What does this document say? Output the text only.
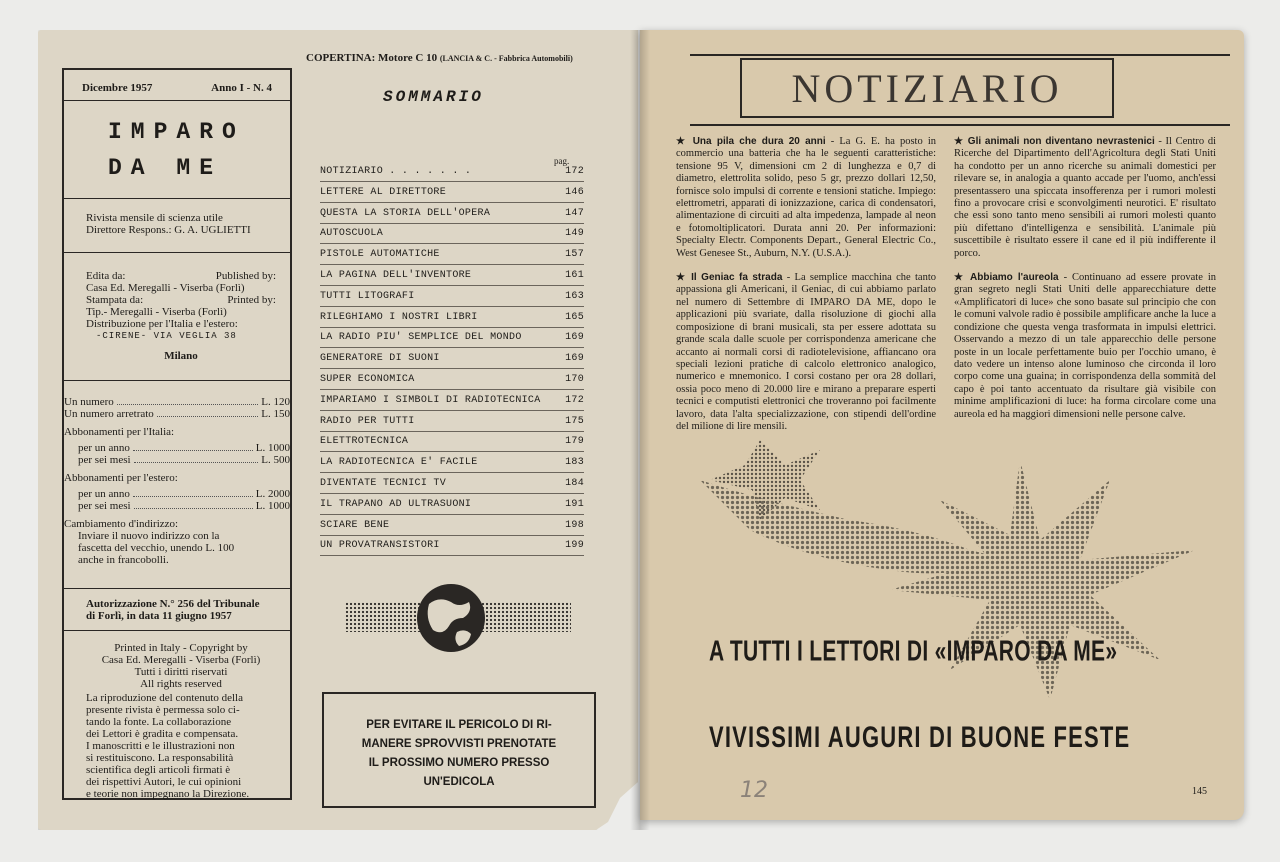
Dicembre 1957	Anno I - N. 4
IMPARO
DA ME
Rivista mensile di scienza utile
Direttore Respons.: G. A. UGLIETTI
Edita da:	Published by:
Casa Ed. Meregalli - Viserba (Forlì)
Stampata da:	Printed by:
Tip.- Meregalli - Viserba (Forlì)
Distribuzione per l'Italia e l'estero:
-CIRENE- VIA VEGLIA 38
Milano
Un numero	L. 120
Un numero arretrato	L. 150
Abbonamenti per l'Italia:
per un anno	L. 1000
per sei mesi	L. 500
Abbonamenti per l'estero:
per un anno	L. 2000
per sei mesi	L. 1000
Cambiamento d'indirizzo:
Inviare il nuovo indirizzo con la
fascetta del vecchio, unendo L. 100
anche in francobolli.
Autorizzazione N.° 256 del Tribunale
di Forlì, in data 11 giugno 1957
Printed in Italy - Copyright by
Casa Ed. Meregalli - Viserba (Forlì)
Tutti i diritti riservati
All rights reserved
La riproduzione del contenuto della
presente rivista è permessa solo ci-
tando la fonte. La collaborazione
dei Lettori è gradita e compensata.
I manoscritti e le illustrazioni non
si restituiscono. La responsabilità
scientifica degli articoli firmati è
dei rispettivi Autori, le cui opinioni
e teorie non impegnano la Direzione.
COPERTINA: Motore C 10 (LANCIA & C. - Fabbrica Automobili)
SOMMARIO
pag.
NOTIZIARIO . . . . . . .	172
LETTERE AL DIRETTORE	146
QUESTA LA STORIA DELL'OPERA	147
AUTOSCUOLA	149
PISTOLE AUTOMATICHE	157
LA PAGINA DELL'INVENTORE	161
TUTTI LITOGRAFI	163
RILEGHIAMO I NOSTRI LIBRI	165
LA RADIO PIU' SEMPLICE DEL MONDO	169
GENERATORE DI SUONI	169
SUPER ECONOMICA	170
IMPARIAMO I SIMBOLI DI RADIOTECNICA 172
RADIO PER TUTTI	175
ELETTROTECNICA	179
LA RADIOTECNICA E' FACILE	183
DIVENTATE TECNICI TV	184
IL TRAPANO AD ULTRASUONI	191
SCIARE BENE	198
UN PROVATRANSISTORI	199
PER EVITARE IL PERICOLO DI RI-
MANERE SPROVVISTI PRENOTATE
IL PROSSIMO NUMERO PRESSO
UN'EDICOLA
NOTIZIARIO

★ Una pila che dura 20 anni - La G. E. ha posto in commercio una batteria che ha le seguenti caratteristiche: tensione 95 V, dimensioni cm 2 di lunghezza e 0,7 di diametro, elettrolita solido, peso 5 gr, prezzo dollari 12,50, fornisce solo impulsi di corrente e tensioni statiche. Impiego: elettrometri, apparati di ionizzazione, carica di condensatori, alimentazione di circuiti ad alta impedenza, lampade al neon e fotomoltiplicatori. Durata anni 20. Per informazioni: Specialty Electr. Components Depart., General Electric Co., West Genesee St., Auburn, N.Y. (U.S.A.).

★ Il Geniac fa strada - La semplice macchina che tanto appassiona gli Americani, il Geniac, di cui abbiamo parlato nel numero di Settembre di IMPARO DA ME, dopo le applicazioni più svariate, dalla risoluzione di giochi alla composizione di brani musicali, sta per essere adottata su grande scala dalle scuole per corrispondenza americane che accanto ai normali corsi di radiotelevisione, affiancano ora speciali lezioni pratiche di calcolo elettronico analogico, numerico e mnemonico. I corsi costano per ora 28 dollari, ossia poco meno di 20.000 lire e mirano a preparare esperti tecnici e computisti elettronici che troveranno poi facilmente lavoro, data l'alta specializzazione, con stipendi dell'ordine del milione di lire mensili.

★ Gli animali non diventano nevrastenici - Il Centro di Ricerche del Dipartimento dell'Agricoltura degli Stati Uniti ha condotto per un anno ricerche su animali domestici per rilevare se, in analogia a quanto accade per l'uomo, anch'essi presentassero una spiccata insofferenza per i rumori molesti fino a provocare crisi e sconvolgimenti neurotici. E' risultato che essi sono tanto meno sensibili ai rumori molesti quanto più difettano d'intelligenza e sensibilità. L'animale più suscettibile è risultato essere il cane ed il più indifferente il porco.

★ Abbiamo l'aureola - Continuano ad essere provate in gran segreto negli Stati Uniti delle apparecchiature dette «Amplificatori di luce» che sono basate sul principio che con le comuni valvole radio è possibile amplificare anche la luce a condizione che questa venga trasformata in impulsi elettrici. Osservando a mezzo di un tale apparecchio delle persone poste in un locale perfettamente buio per l'occhio umano, è dato vedere un intenso alone luminoso che circonda il loro corpo come una guaina; in corrispondenza della sommità del capo è poi tanto accentuato da risultare già visibile con minime amplificazioni di luce: ha forma circolare come una aureola ed ha maggiori dimensioni nelle persone calve.

A TUTTI I LETTORI DI «IMPARO DA ME»
VIVISSIMI AUGURI DI BUONE FESTE
12	145
